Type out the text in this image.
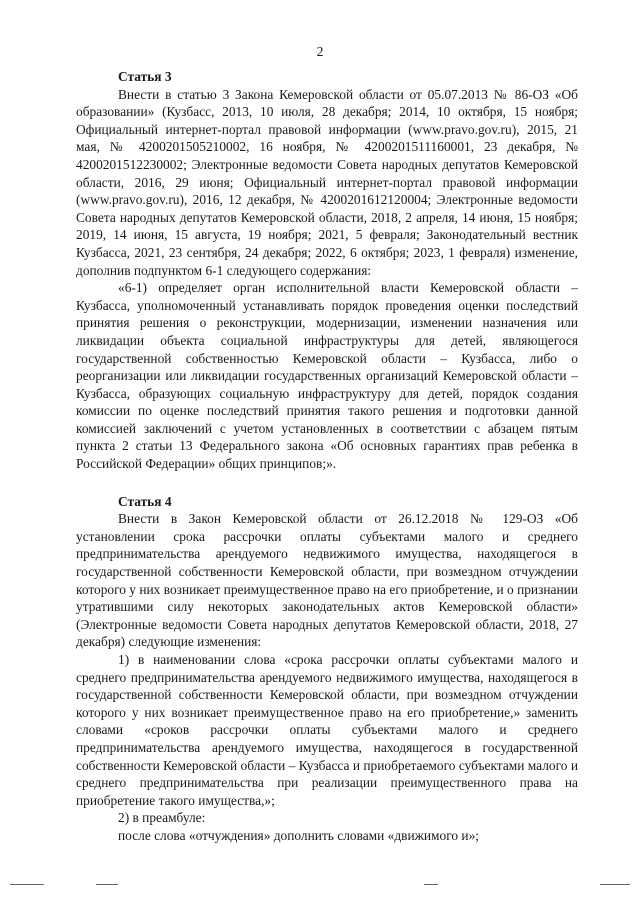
2
Статья 3

Внести в статью 3 Закона Кемеровской области от 05.07.2013 № 86-ОЗ «Об образовании» (Кузбасс, 2013, 10 июля, 28 декабря; 2014, 10 октября, 15 ноября; Официальный интернет-портал правовой информации (www.pravo.gov.ru), 2015, 21 мая, № 4200201505210002, 16 ноября, № 4200201511160001, 23 декабря, № 4200201512230002; Электронные ведомости Совета народных депутатов Кемеровской области, 2016, 29 июня; Официальный интернет-портал правовой информации (www.pravo.gov.ru), 2016, 12 декабря, № 4200201612120004; Электронные ведомости Совета народных депутатов Кемеровской области, 2018, 2 апреля, 14 июня, 15 ноября; 2019, 14 июня, 15 августа, 19 ноября; 2021, 5 февраля; Законодательный вестник Кузбасса, 2021, 23 сентября, 24 декабря; 2022, 6 октября; 2023, 1 февраля) изменение, дополнив подпунктом 6-1 следующего содержания:

«6-1) определяет орган исполнительной власти Кемеровской области – Кузбасса, уполномоченный устанавливать порядок проведения оценки последствий принятия решения о реконструкции, модернизации, изменении назначения или ликвидации объекта социальной инфраструктуры для детей, являющегося государственной собственностью Кемеровской области – Кузбасса, либо о реорганизации или ликвидации государственных организаций Кемеровской области – Кузбасса, образующих социальную инфраструктуру для детей, порядок создания комиссии по оценке последствий принятия такого решения и подготовки данной комиссией заключений с учетом установленных в соответствии с абзацем пятым пункта 2 статьи 13 Федерального закона «Об основных гарантиях прав ребенка в Российской Федерации» общих принципов;».

Статья 4

Внести в Закон Кемеровской области от 26.12.2018 № 129-ОЗ «Об установлении срока рассрочки оплаты субъектами малого и среднего предпринимательства арендуемого недвижимого имущества, находящегося в государственной собственности Кемеровской области, при возмездном отчуждении которого у них возникает преимущественное право на его приобретение, и о признании утратившими силу некоторых законодательных актов Кемеровской области» (Электронные ведомости Совета народных депутатов Кемеровской области, 2018, 27 декабря) следующие изменения:

1) в наименовании слова «срока рассрочки оплаты субъектами малого и среднего предпринимательства арендуемого недвижимого имущества, находящегося в государственной собственности Кемеровской области, при возмездном отчуждении которого у них возникает преимущественное право на его приобретение,» заменить словами «сроков рассрочки оплаты субъектами малого и среднего предпринимательства арендуемого имущества, находящегося в государственной собственности Кемеровской области – Кузбасса и приобретаемого субъектами малого и среднего предпринимательства при реализации преимущественного права на приобретение такого имущества,»;

2) в преамбуле:

после слова «отчуждения» дополнить словами «движимого и»;
